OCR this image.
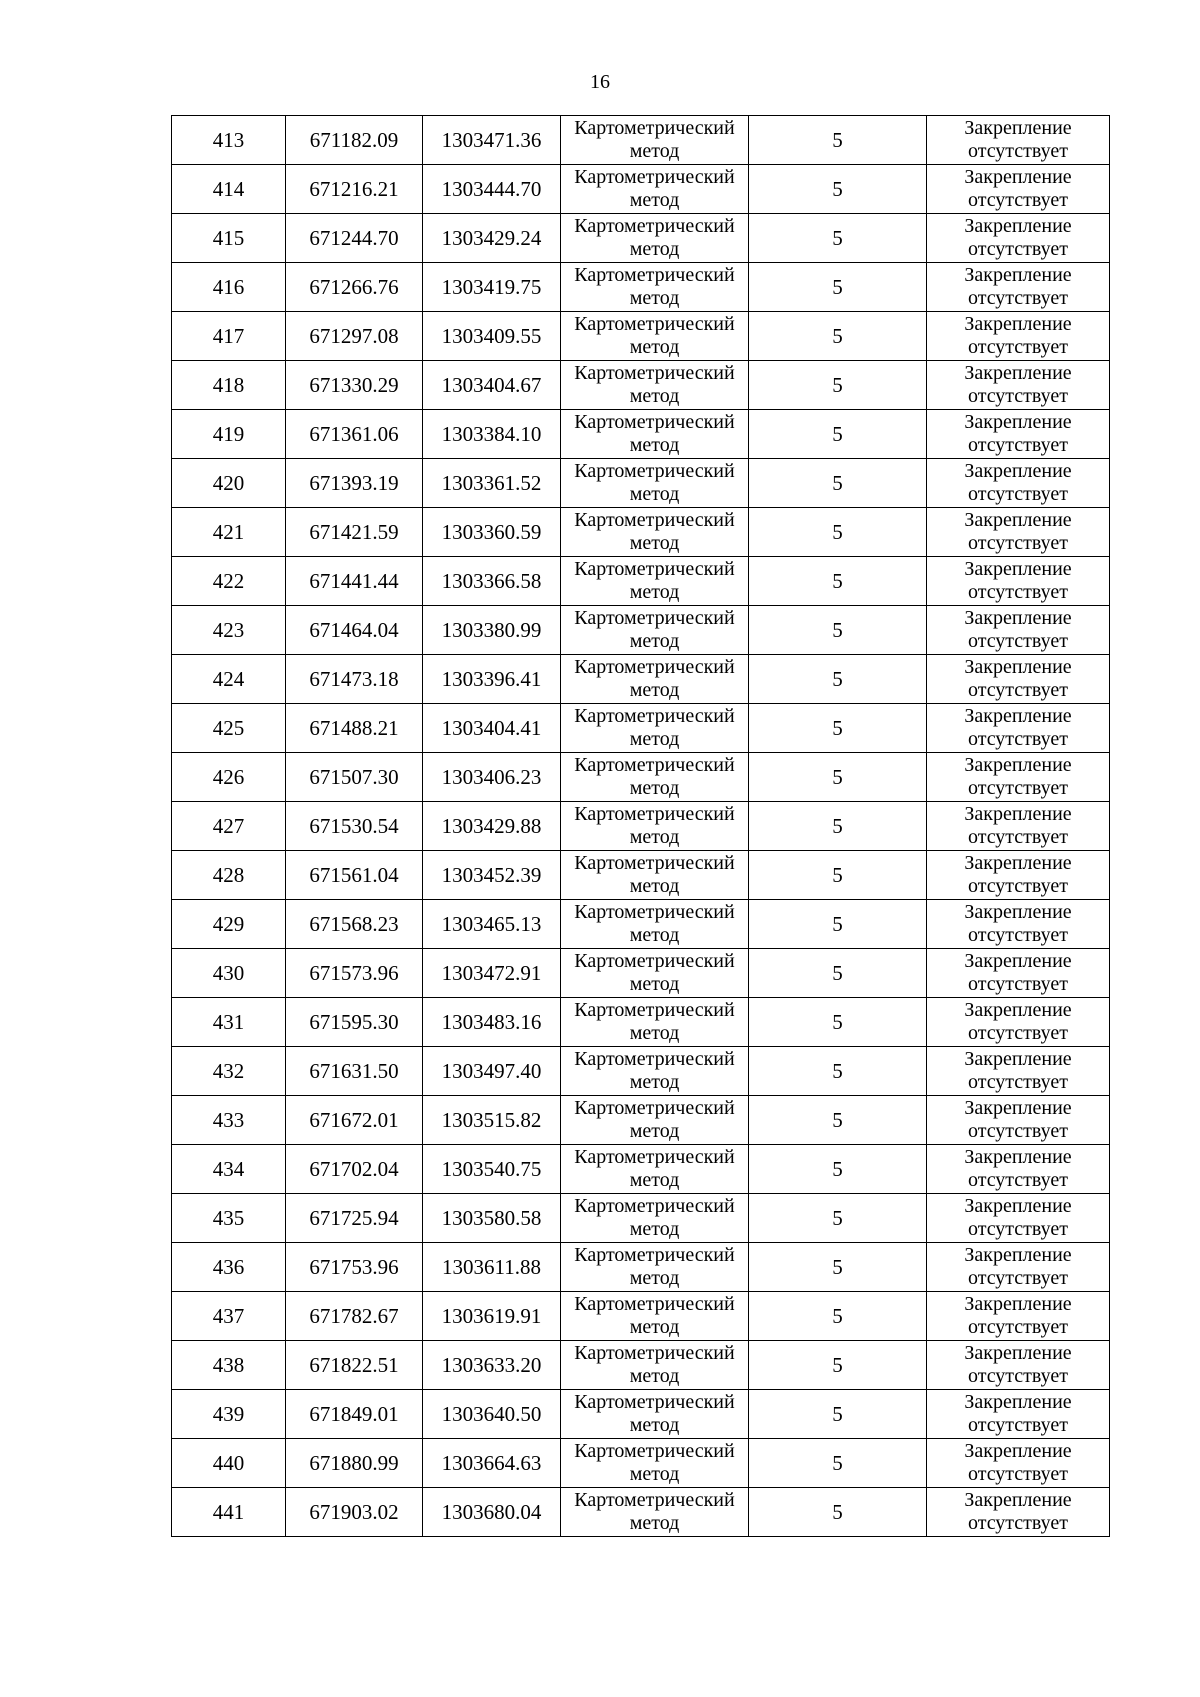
16
413	671182.09	1303471.36	Картометрический
метод	5	Закрепление
отсутствует

414	671216.21	1303444.70	Картометрический
метод	5	Закрепление
отсутствует

415	671244.70	1303429.24	Картометрический
метод	5	Закрепление
отсутствует

416	671266.76	1303419.75	Картометрический
метод	5	Закрепление
отсутствует

417	671297.08	1303409.55	Картометрический
метод	5	Закрепление
отсутствует

418	671330.29	1303404.67	Картометрический
метод	5	Закрепление
отсутствует

419	671361.06	1303384.10	Картометрический
метод	5	Закрепление
отсутствует

420	671393.19	1303361.52	Картометрический
метод	5	Закрепление
отсутствует

421	671421.59	1303360.59	Картометрический
метод	5	Закрепление
отсутствует

422	671441.44	1303366.58	Картометрический
метод	5	Закрепление
отсутствует

423	671464.04	1303380.99	Картометрический
метод	5	Закрепление
отсутствует

424	671473.18	1303396.41	Картометрический
метод	5	Закрепление
отсутствует

425	671488.21	1303404.41	Картометрический
метод	5	Закрепление
отсутствует

426	671507.30	1303406.23	Картометрический
метод	5	Закрепление
отсутствует

427	671530.54	1303429.88	Картометрический
метод	5	Закрепление
отсутствует

428	671561.04	1303452.39	Картометрический
метод	5	Закрепление
отсутствует

429	671568.23	1303465.13	Картометрический
метод	5	Закрепление
отсутствует

430	671573.96	1303472.91	Картометрический
метод	5	Закрепление
отсутствует

431	671595.30	1303483.16	Картометрический
метод	5	Закрепление
отсутствует

432	671631.50	1303497.40	Картометрический
метод	5	Закрепление
отсутствует

433	671672.01	1303515.82	Картометрический
метод	5	Закрепление
отсутствует

434	671702.04	1303540.75	Картометрический
метод	5	Закрепление
отсутствует

435	671725.94	1303580.58	Картометрический
метод	5	Закрепление
отсутствует

436	671753.96	1303611.88	Картометрический
метод	5	Закрепление
отсутствует

437	671782.67	1303619.91	Картометрический
метод	5	Закрепление
отсутствует

438	671822.51	1303633.20	Картометрический
метод	5	Закрепление
отсутствует

439	671849.01	1303640.50	Картометрический
метод	5	Закрепление
отсутствует

440	671880.99	1303664.63	Картометрический
метод	5	Закрепление
отсутствует

441	671903.02	1303680.04	Картометрический
метод	5	Закрепление
отсутствует
